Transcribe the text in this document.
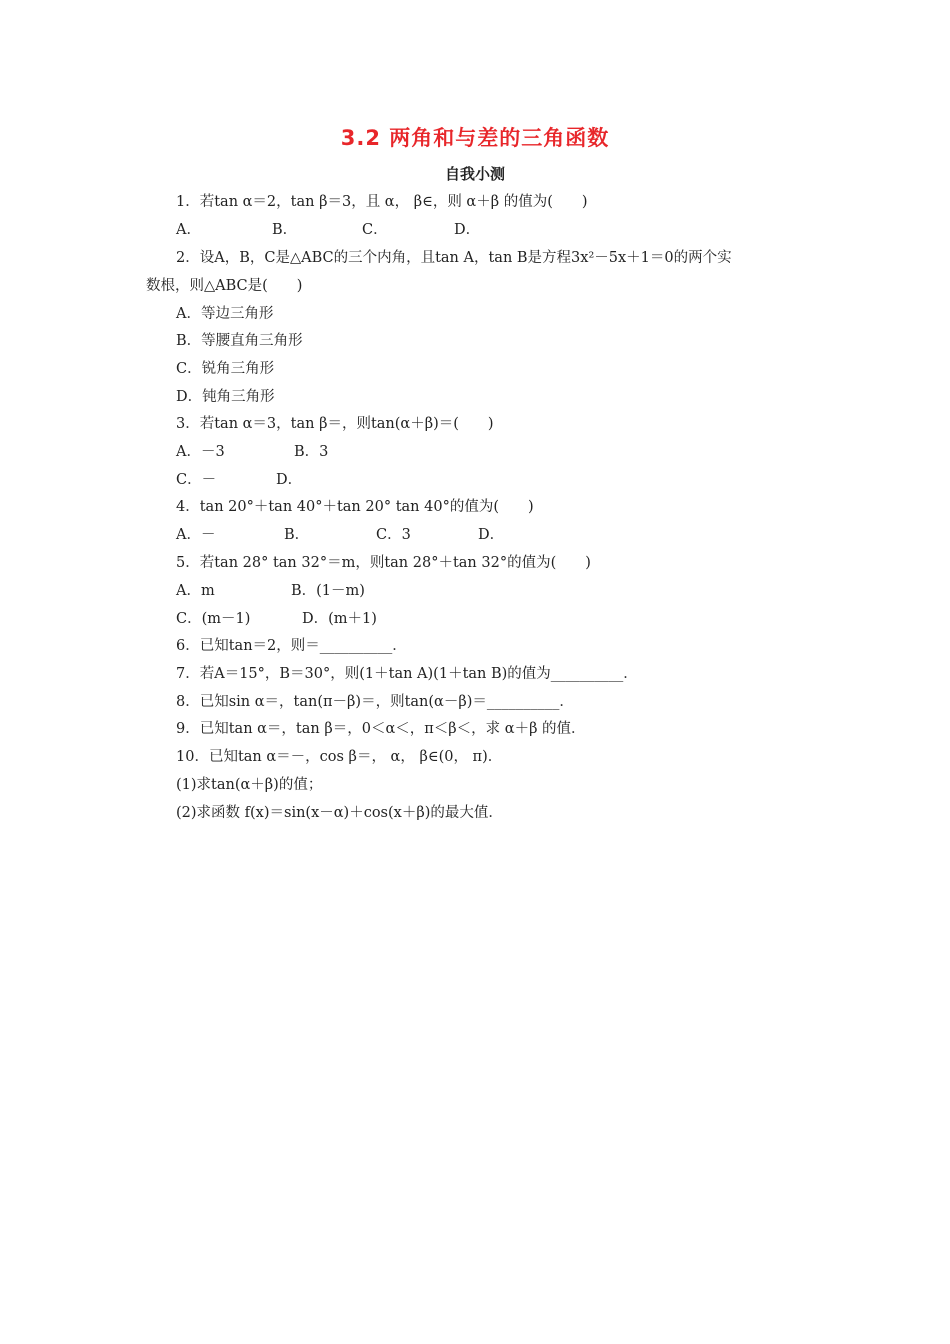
3.2 两角和与差的三角函数
自我小测
1．若tan α＝2，tan β＝3，且 α， β∈，则 α＋β 的值为(　　)
A．	B．	C．	D．
2．设A，B，C是△ABC的三个内角，且tan A，tan B是方程3x²－5x＋1＝0的两个实
数根，则△ABC是(　　)
A．等边三角形
B．等腰直角三角形
C．锐角三角形
D．钝角三角形
3．若tan α＝3，tan β＝，则tan(α＋β)＝(　　)
A．－3	B．3
C．－	D．
4．tan 20°＋tan 40°＋tan 20° tan 40°的值为(　　)
A．－	B．	C．3	D．
5．若tan 28° tan 32°＝m，则tan 28°＋tan 32°的值为(　　)
A．m	B．(1－m)
C．(m－1)	D．(m＋1)
6．已知tan＝2，则＝__________．
7．若A＝15°，B＝30°，则(1＋tan A)(1＋tan B)的值为__________．
8．已知sin α＝，tan(π－β)＝，则tan(α－β)＝__________．
9．已知tan α＝，tan β＝，0＜α＜，π＜β＜，求 α＋β 的值．
10．已知tan α＝－，cos β＝， α， β∈(0， π)．
(1)求tan(α＋β)的值；
(2)求函数 f(x)＝sin(x－α)＋cos(x＋β)的最大值．
